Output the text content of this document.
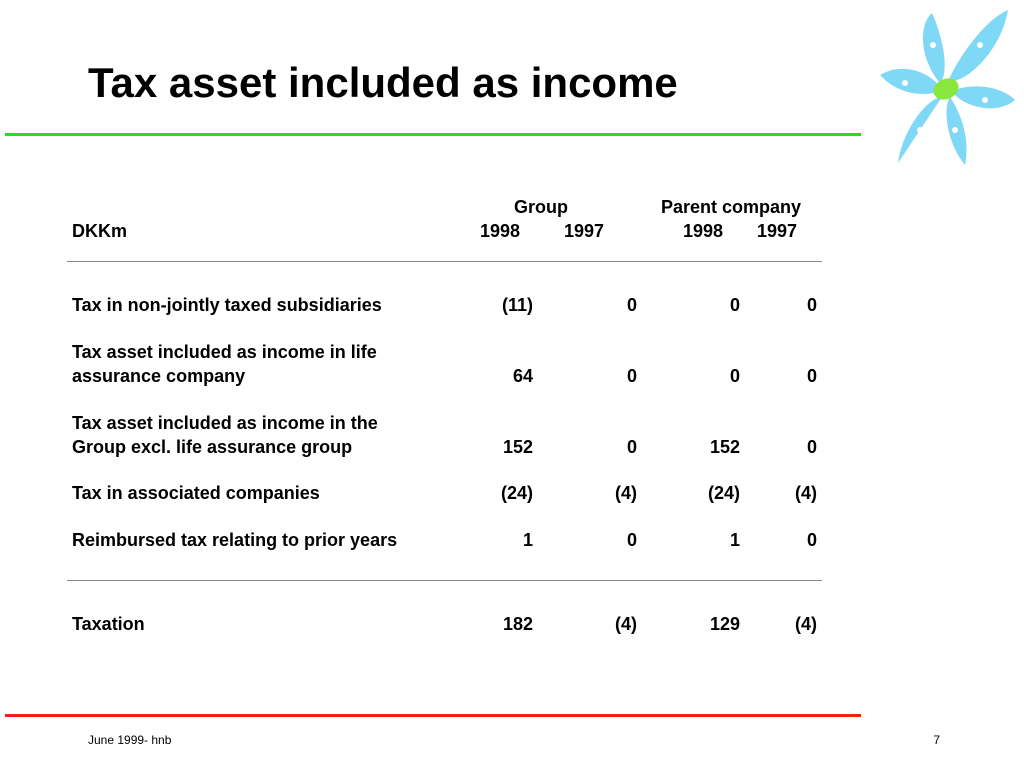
Tax asset included as income
Group	Parent company
DKKm	1998 1997	1998 1997
Tax in non-jointly taxed subsidiaries	(11)	0	0	0
Tax asset included as income in life
assurance company	64	0	0	0
Tax asset included as income in the
Group excl. life assurance group	152	0	152	0
Tax in associated companies	(24)	(4)	(24)	(4)
Reimbursed tax relating to prior years	1	0	1	0
Taxation	182	(4)	129	(4)
June 1999- hnb	7
